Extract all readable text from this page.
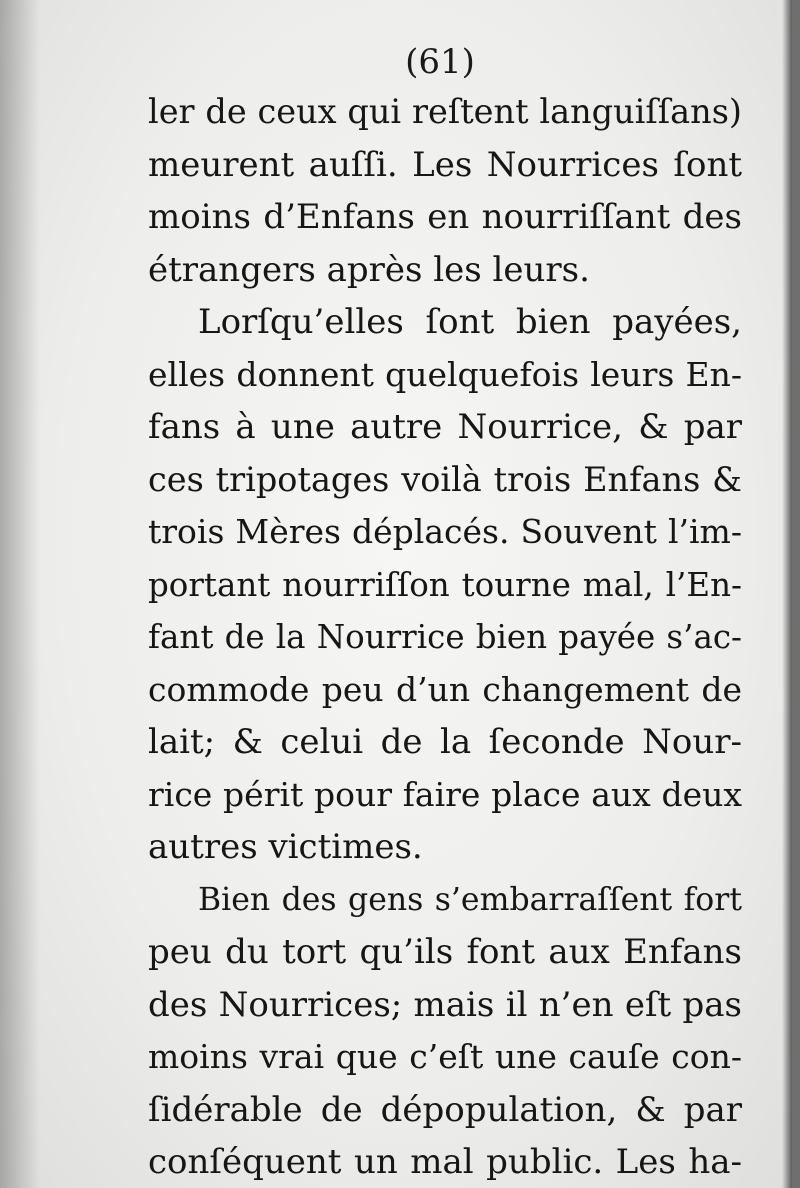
(61)
ler de ceux qui reſtent languiſſans)
meurent auſſi. Les Nourrices ſont
moins d’Enfans en nourriſſant des
étrangers après les leurs.
Lorſqu’elles ſont bien payées,
elles donnent quelquefois leurs En-
fans à une autre Nourrice, & par
ces tripotages voilà trois Enfans &
trois Mères déplacés. Souvent l’im-
portant nourriſſon tourne mal, l’En-
fant de la Nourrice bien payée s’ac-
commode peu d’un changement de
lait; & celui de la ſeconde Nour-
rice périt pour faire place aux deux
autres victimes.
Bien des gens s’embarraſſent fort
peu du tort qu’ils font aux Enfans
des Nourrices; mais il n’en eſt pas
moins vrai que c’eſt une cauſe con-
ſidérable de dépopulation, & par
conſéquent un mal public. Les ha-
